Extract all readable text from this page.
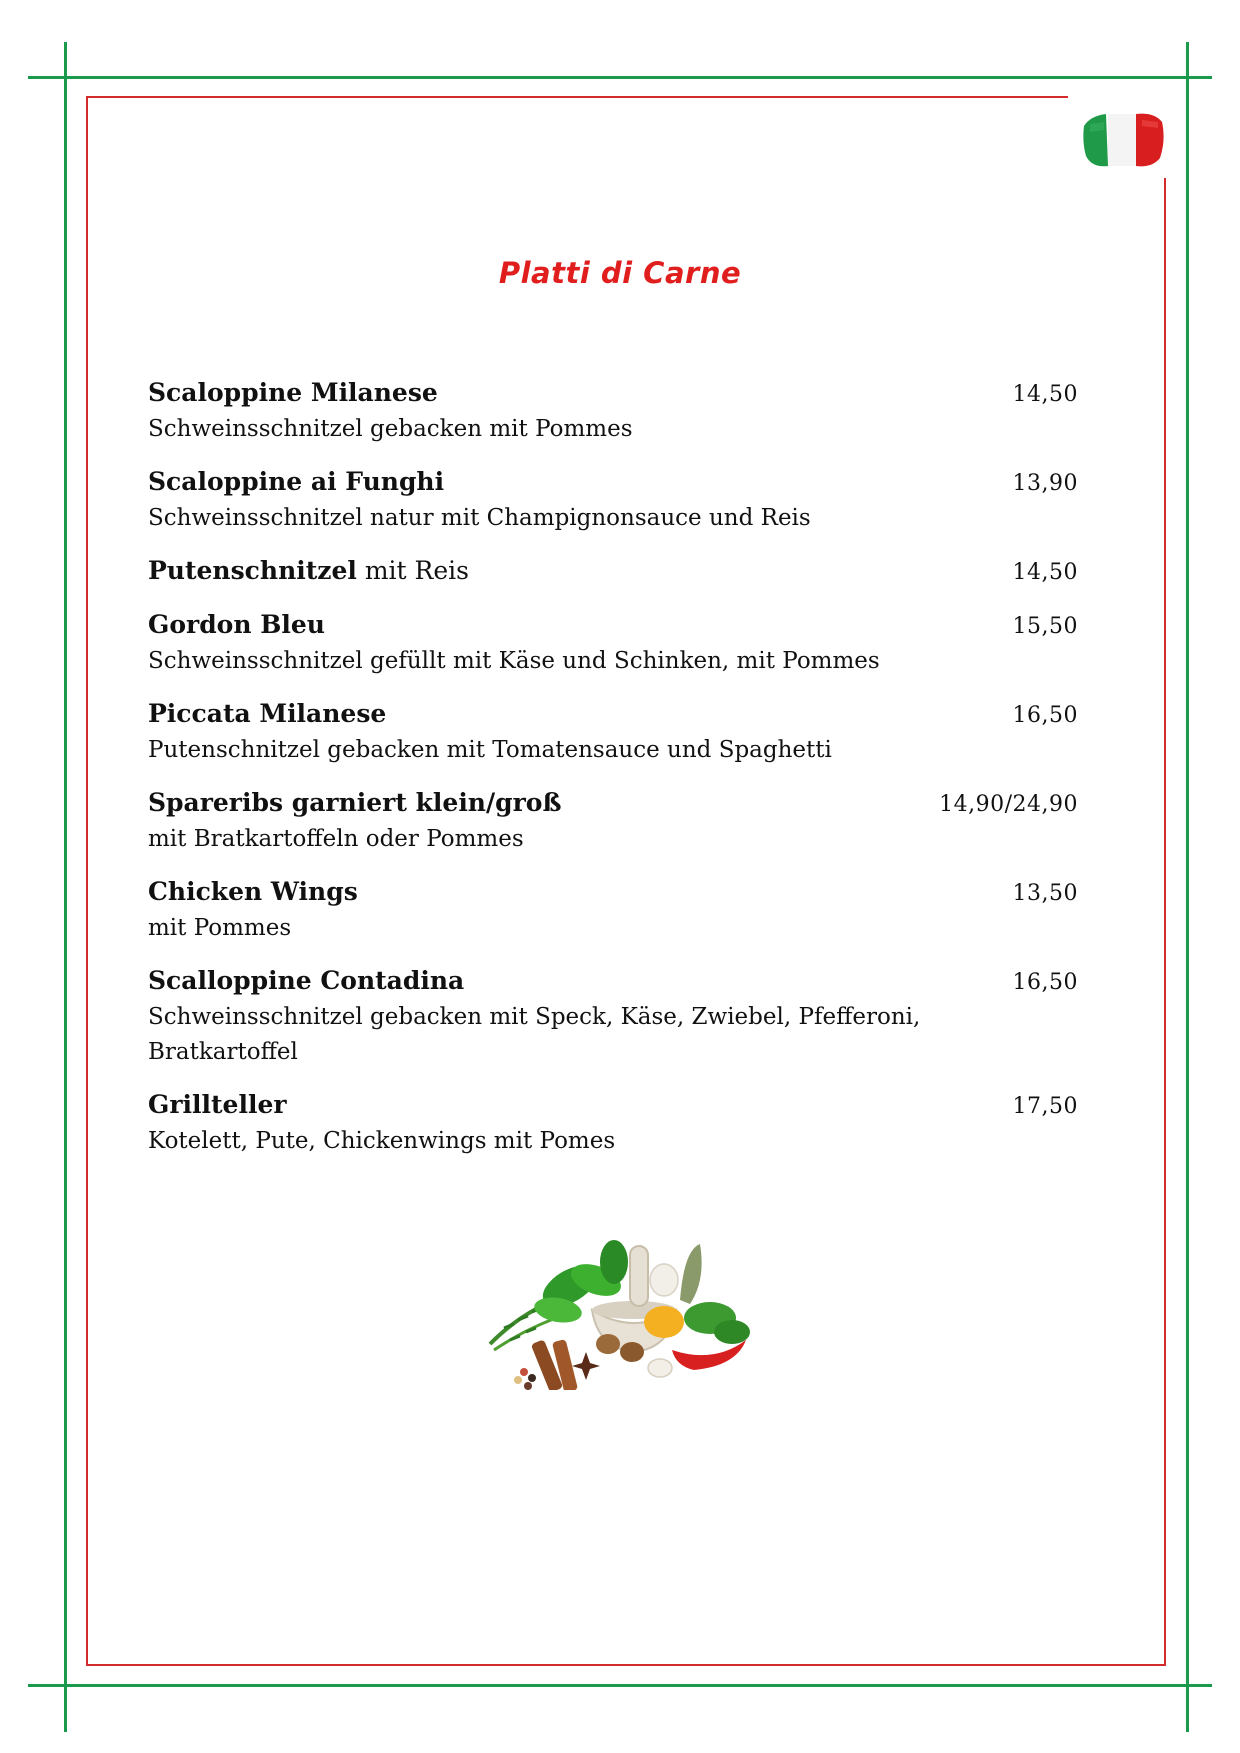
Platti di Carne
Scaloppine Milanese	14,50
Schweinsschnitzel gebacken mit Pommes
Scaloppine ai Funghi	13,90
Schweinsschnitzel natur mit Champignonsauce und Reis
Putenschnitzel mit Reis	14,50
Gordon Bleu	15,50
Schweinsschnitzel gefüllt mit Käse und Schinken, mit Pommes
Piccata Milanese	16,50
Putenschnitzel gebacken mit Tomatensauce und Spaghetti
Spareribs garniert klein/groß	14,90/24,90
mit Bratkartoffeln oder Pommes
Chicken Wings	13,50
mit Pommes
Scalloppine Contadina	16,50
Schweinsschnitzel gebacken mit Speck, Käse, Zwiebel, Pfefferoni,
Bratkartoffel
Grillteller	17,50
Kotelett, Pute, Chickenwings mit Pomes
